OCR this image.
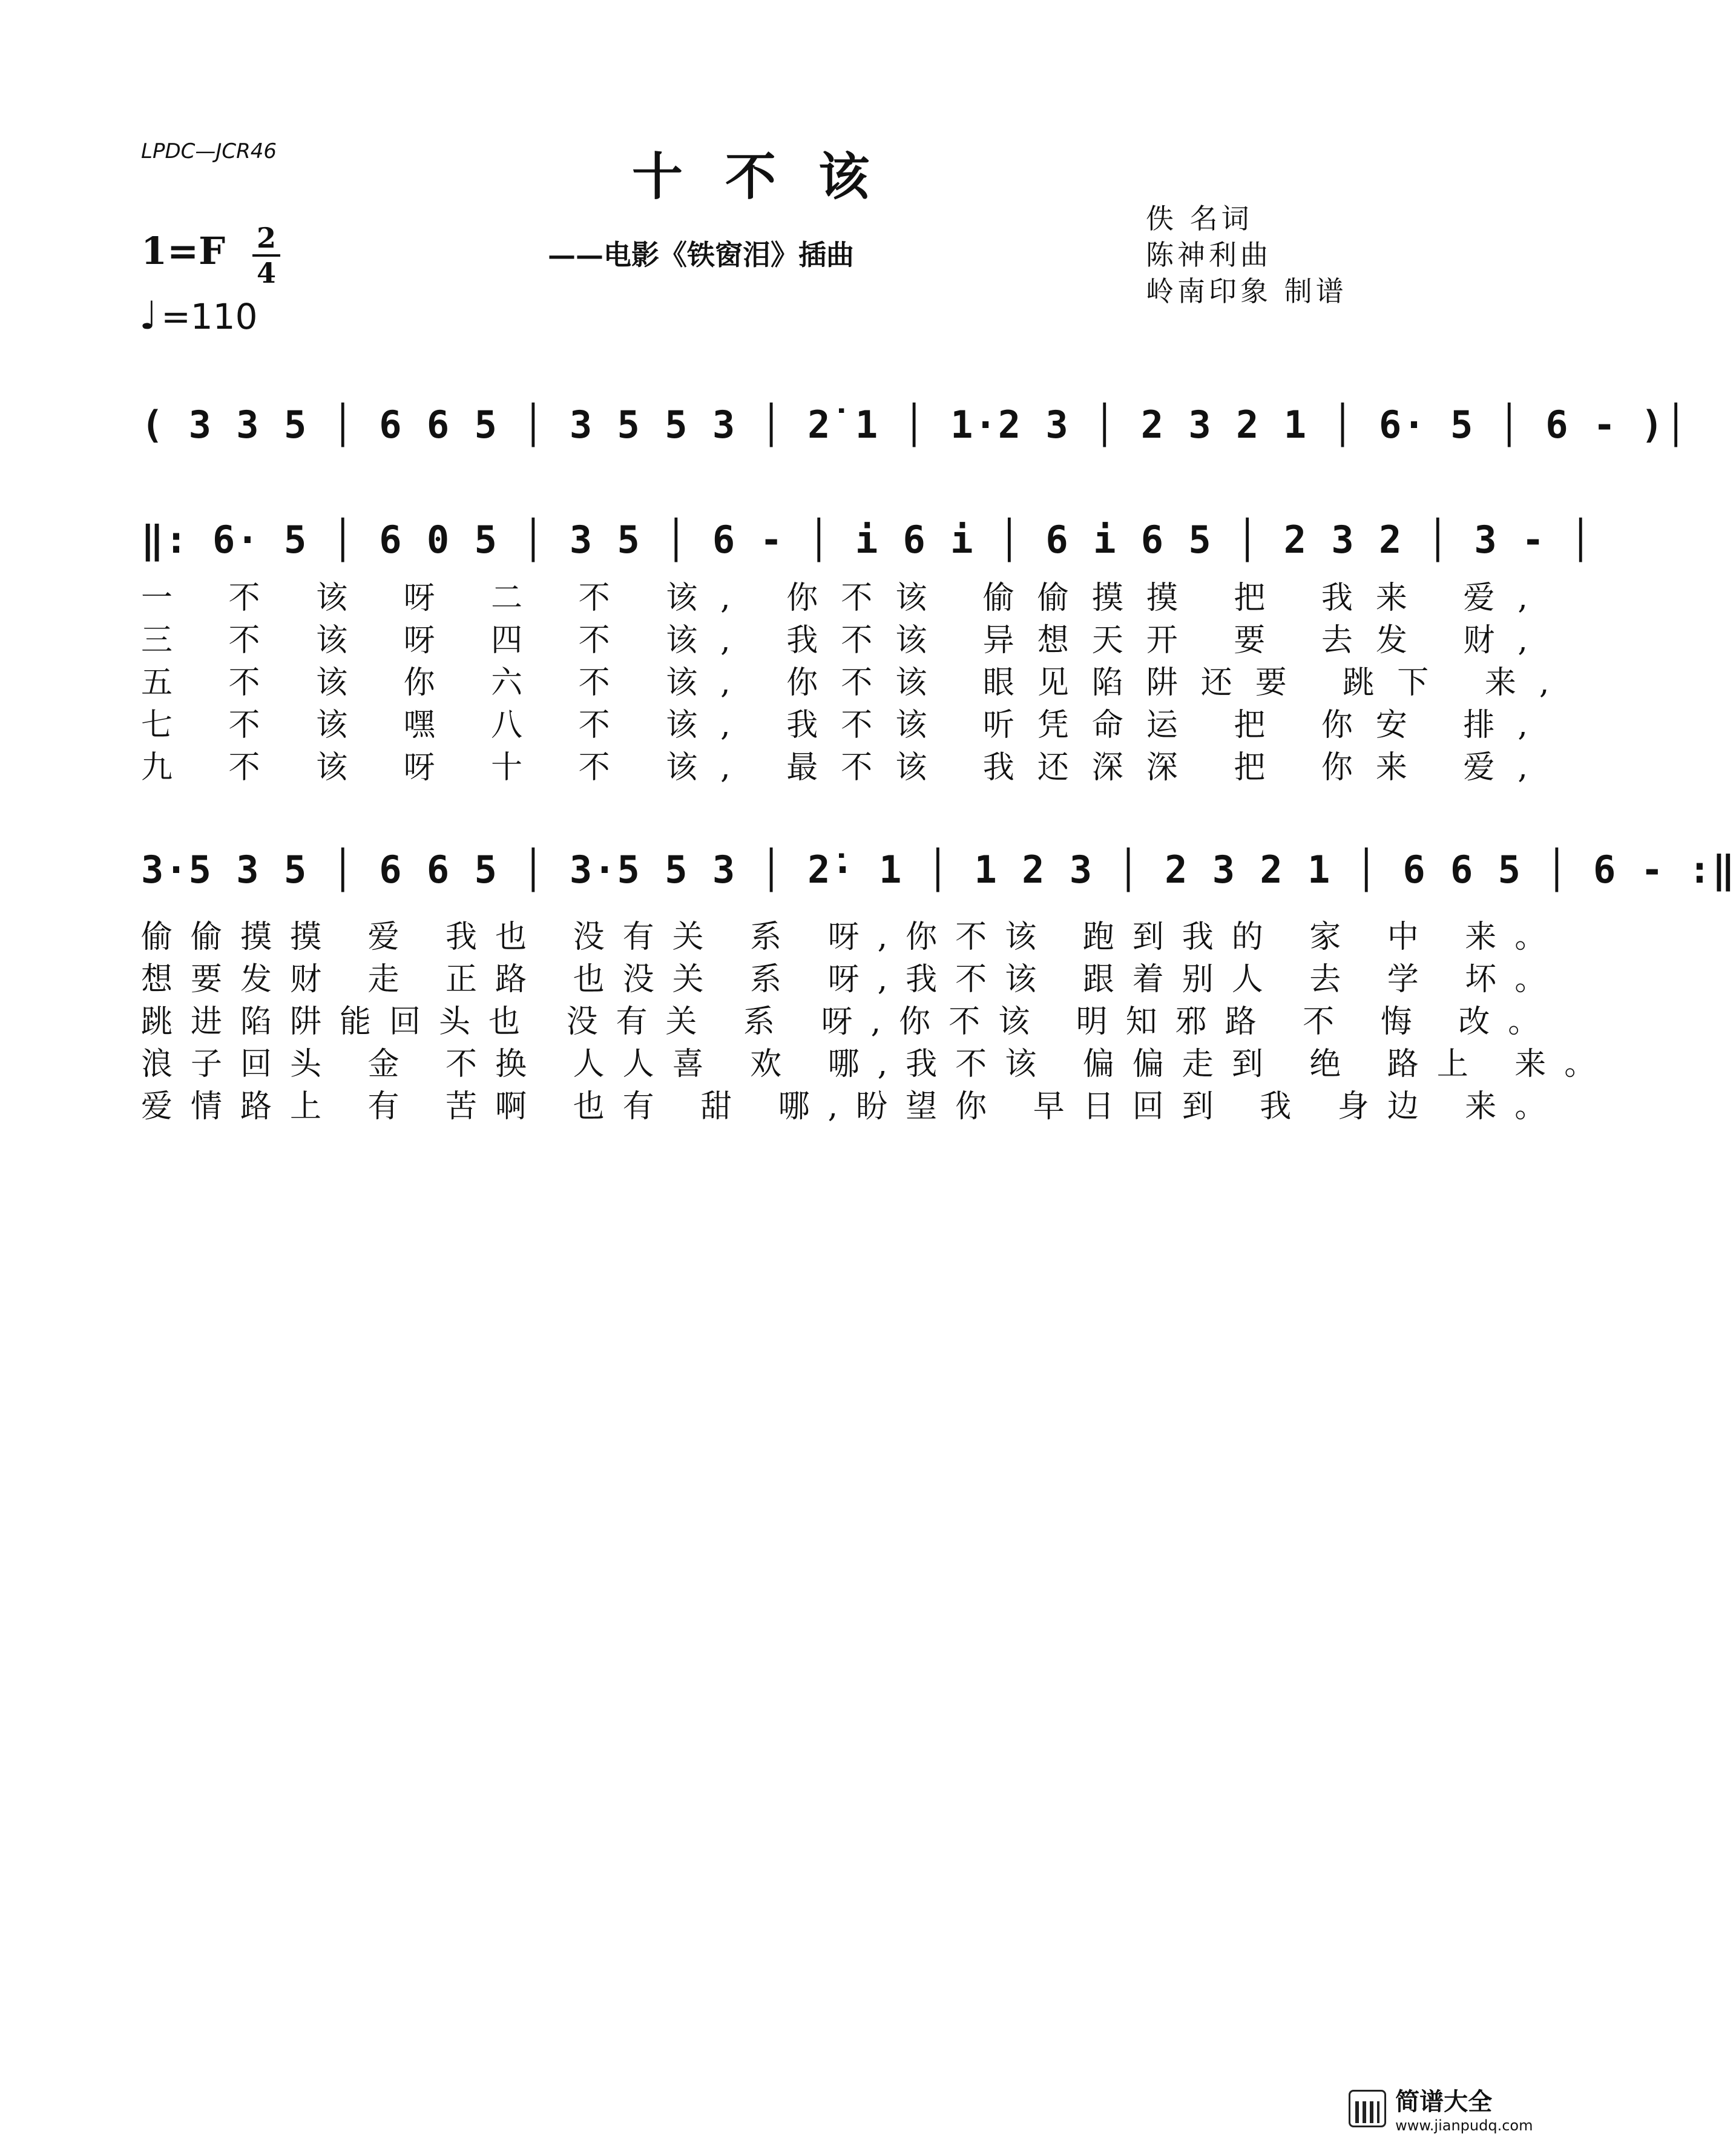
LPDC—JCR46	十不该
——电影《铁窗泪》插曲
佚 名词
陈神利曲
岭南印象 制谱
1=F	2
4
♩ =110
( 3 3 5 │ 6 6 5 │ 3 5 5 3 │ 2̇ 1 │ 1·2 3 │ 2 3 2 1 │ 6· 5 │ 6 - )│
‖: 6· 5 │ 6 0 5 │ 3 5 │ 6 - │ i 6 i │ 6 i 6 5 │ 2 3 2 │ 3 - │
一 不 该 呀 二 不 该, 你不该 偷偷摸摸 把 我来 爱,
三 不 该 呀 四 不 该, 我不该 异想天开 要 去发 财,
五 不 该 你 六 不 该, 你不该 眼见陷阱还要 跳下 来,
七 不 该 嘿 八 不 该, 我不该 听凭命运 把 你安 排,
九 不 该 呀 十 不 该, 最不该 我还深深 把 你来 爱,
3·5 3 5 │ 6 6 5 │ 3·5 5 3 │ 2̇· 1 │ 1 2 3 │ 2 3 2 1 │ 6 6 5 │ 6 - :‖
偷偷摸摸 爱 我也 没有关 系 呀,你不该 跑到我的 家 中 来。
想要发财 走 正路 也没关 系 呀,我不该 跟着别人 去 学 坏。
跳进陷阱能回头也 没有关 系 呀,你不该 明知邪路 不 悔 改。
浪子回头 金 不换 人人喜 欢 哪,我不该 偏偏走到 绝 路上 来。
爱情路上 有 苦啊 也有 甜 哪,盼望你 早日回到 我 身边 来。

简谱大全
www.jianpudq.com
